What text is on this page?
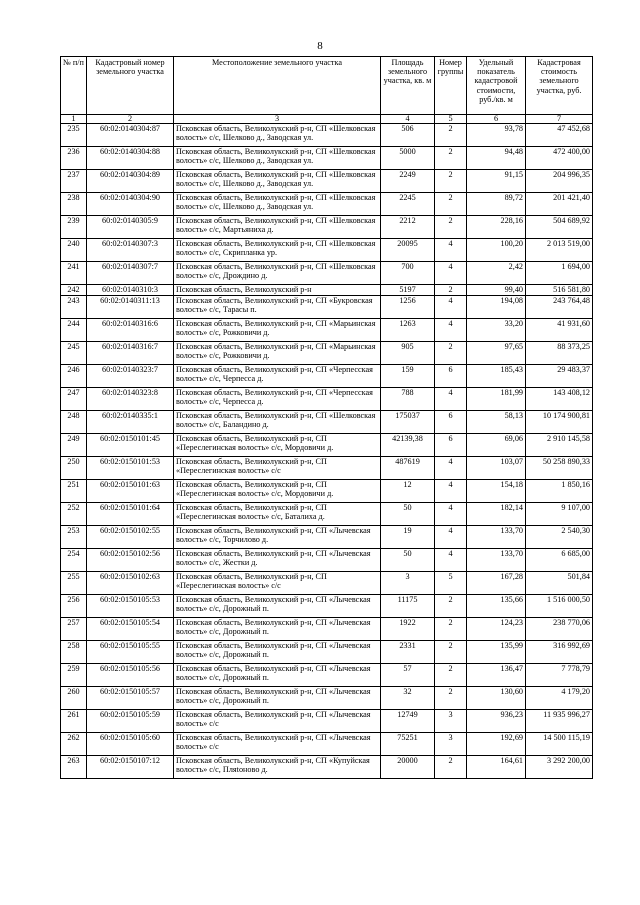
8
№ п/п	Кадастровый номер земельного участка	Местоположение земельного участка	Площадь земельного участка, кв. м	Номер группы	Удельный показатель кадастровой стоимости, руб./кв. м	Кадастровая стоимость земельного участка, руб.
1	2	3	4	5	6	7
235	60:02:0140304:87	Псковская область, Великолукский р-н, СП «Шелковская волость» с/с, Шелково д., Заводская ул.	506	2	93,78	47 452,68
236	60:02:0140304:88	Псковская область, Великолукский р-н, СП «Шелковская волость» с/с, Шелково д., Заводская ул.	5000	2	94,48	472 400,00
237	60:02:0140304:89	Псковская область, Великолукский р-н, СП «Шелковская волость» с/с, Шелково д., Заводская ул.	2249	2	91,15	204 996,35
238	60:02:0140304:90	Псковская область, Великолукский р-н, СП «Шелковская волость» с/с, Шелково д., Заводская ул.	2245	2	89,72	201 421,40
239	60:02:0140305:9	Псковская область, Великолукский р-н, СП «Шелковская волость» с/с, Мартьяниха д.	2212	2	228,16	504 689,92
240	60:02:0140307:3	Псковская область, Великолукский р-н, СП «Шелковская волость» с/с, Скрипланка ур.	20095	4	100,20	2 013 519,00
241	60:02:0140307:7	Псковская область, Великолукский р-н, СП «Шелковская волость» с/с, Дрождино д.	700	4	2,42	1 694,00
242	60:02:0140310:3	Псковская область, Великолукский р-н	5197	2	99,40	516 581,80
243	60:02:0140311:13	Псковская область, Великолукский р-н, СП «Букровская волость» с/с, Тарасы п.	1256	4	194,08	243 764,48
244	60:02:0140316:6	Псковская область, Великолукский р-н, СП «Марьинская волость» с/с, Рожковичи д.	1263	4	33,20	41 931,60
245	60:02:0140316:7	Псковская область, Великолукский р-н, СП «Марьинская волость» с/с, Рожковичи д.	905	2	97,65	88 373,25
246	60:02:0140323:7	Псковская область, Великолукский р-н, СП «Черпесская волость» с/с, Черпесса д.	159	6	185,43	29 483,37
247	60:02:0140323:8	Псковская область, Великолукский р-н, СП «Черпесская волость» с/с, Черпесса д.	788	4	181,99	143 408,12
248	60:02:0140335:1	Псковская область, Великолукский р-н, СП «Шелковская волость» с/с, Баландино д.	175037	6	58,13	10 174 900,81
249	60:02:0150101:45	Псковская область, Великолукский р-н, СП «Переслегинская волость» с/с, Мордовичи д.	42139,38	6	69,06	2 910 145,58
250	60:02:0150101:53	Псковская область, Великолукский р-н, СП «Переслегинская волость» с/с	487619	4	103,07	50 258 890,33
251	60:02:0150101:63	Псковская область, Великолукский р-н, СП «Переслегинская волость» с/с, Мордовичи д.	12	4	154,18	1 850,16
252	60:02:0150101:64	Псковская область, Великолукский р-н, СП «Переслегинская волость» с/с, Баталиха д.	50	4	182,14	9 107,00
253	60:02:0150102:55	Псковская область, Великолукский р-н, СП «Лычевская волость» с/с, Торчилово д.	19	4	133,70	2 540,30
254	60:02:0150102:56	Псковская область, Великолукский р-н, СП «Лычевская волость» с/с, Жестки д.	50	4	133,70	6 685,00
255	60:02:0150102:63	Псковская область, Великолукский р-н, СП «Переслегинская волость» с/с	3	5	167,28	501,84
256	60:02:0150105:53	Псковская область, Великолукский р-н, СП «Лычевская волость» с/с, Дорожный п.	11175	2	135,66	1 516 000,50
257	60:02:0150105:54	Псковская область, Великолукский р-н, СП «Лычевская волость» с/с, Дорожный п.	1922	2	124,23	238 770,06
258	60:02:0150105:55	Псковская область, Великолукский р-н, СП «Лычевская волость» с/с, Дорожный п.	2331	2	135,99	316 992,69
259	60:02:0150105:56	Псковская область, Великолукский р-н, СП «Лычевская волость» с/с, Дорожный п.	57	2	136,47	7 778,79
260	60:02:0150105:57	Псковская область, Великолукский р-н, СП «Лычевская волость» с/с, Дорожный п.	32	2	130,60	4 179,20
261	60:02:0150105:59	Псковская область, Великолукский р-н, СП «Лычевская волость» с/с	12749	3	936,23	11 935 996,27
262	60:02:0150105:60	Псковская область, Великолукский р-н, СП «Лычевская волость» с/с	75251	3	192,69	14 500 115,19
263	60:02:0150107:12	Псковская область, Великолукский р-н, СП «Купуйская волость» с/с, Пляtоново д.	20000	2	164,61	3 292 200,00
